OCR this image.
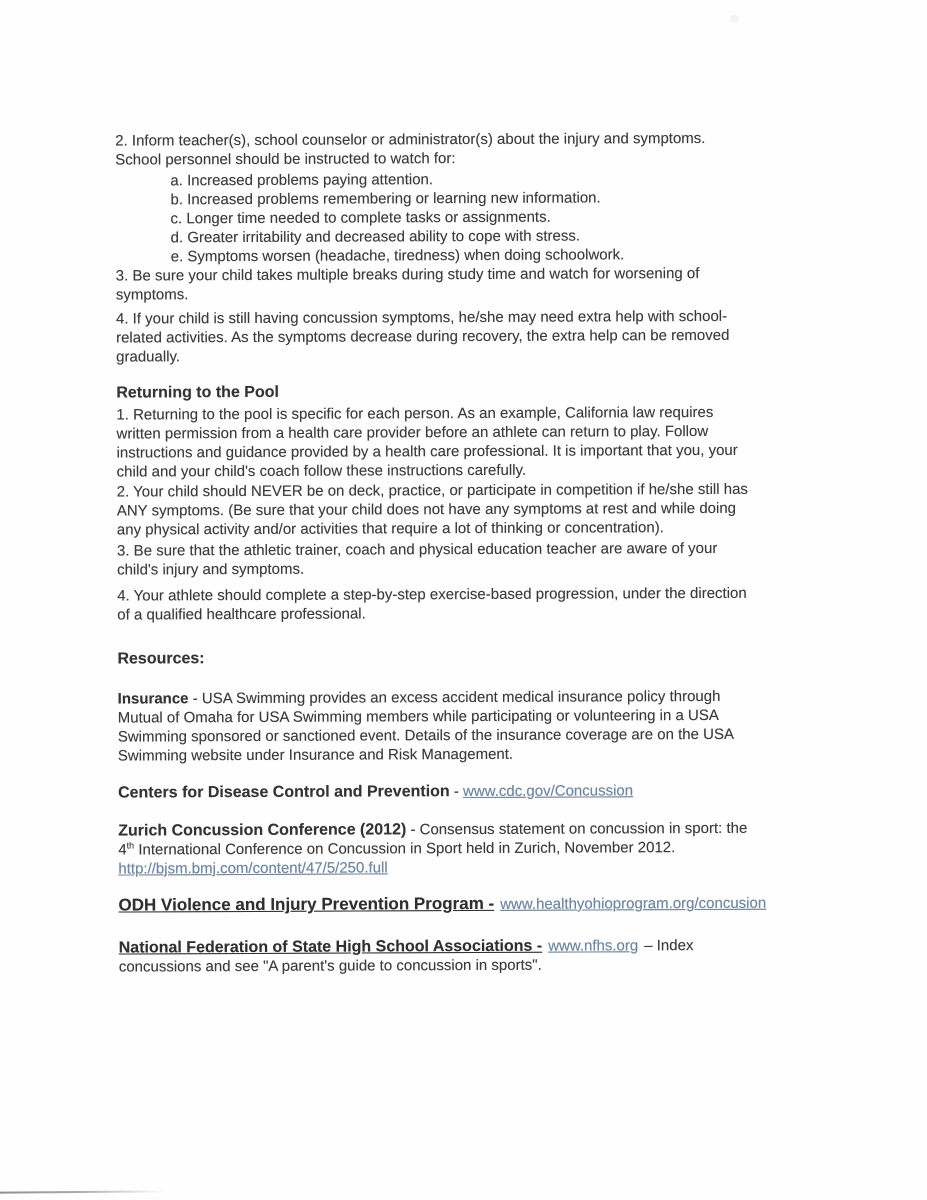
2. Inform teacher(s), school counselor or administrator(s) about the injury and symptoms.
School personnel should be instructed to watch for:
a. Increased problems paying attention.
b. Increased problems remembering or learning new information.
c. Longer time needed to complete tasks or assignments.
d. Greater irritability and decreased ability to cope with stress.
e. Symptoms worsen (headache, tiredness) when doing schoolwork.
3. Be sure your child takes multiple breaks during study time and watch for worsening of
symptoms.
4. If your child is still having concussion symptoms, he/she may need extra help with school-
related activities. As the symptoms decrease during recovery, the extra help can be removed
gradually.
Returning to the Pool
1. Returning to the pool is specific for each person. As an example, California law requires
written permission from a health care provider before an athlete can return to play. Follow
instructions and guidance provided by a health care professional. It is important that you, your
child and your child's coach follow these instructions carefully.
2. Your child should NEVER be on deck, practice, or participate in competition if he/she still has
ANY symptoms. (Be sure that your child does not have any symptoms at rest and while doing
any physical activity and/or activities that require a lot of thinking or concentration).
3. Be sure that the athletic trainer, coach and physical education teacher are aware of your
child's injury and symptoms.
4. Your athlete should complete a step-by-step exercise-based progression, under the direction
of a qualified healthcare professional.
Resources:
Insurance - USA Swimming provides an excess accident medical insurance policy through
Mutual of Omaha for USA Swimming members while participating or volunteering in a USA
Swimming sponsored or sanctioned event. Details of the insurance coverage are on the USA
Swimming website under Insurance and Risk Management.
Centers for Disease Control and Prevention - www.cdc.gov/Concussion
Zurich Concussion Conference (2012) - Consensus statement on concussion in sport: the
4th International Conference on Concussion in Sport held in Zurich, November 2012.
http://bjsm.bmj.com/content/47/5/250.full
ODH Violence and Injury Prevention Program - www.healthyohioprogram.org/concusion
National Federation of State High School Associations - www.nfhs.org – Index
concussions and see "A parent's guide to concussion in sports".
